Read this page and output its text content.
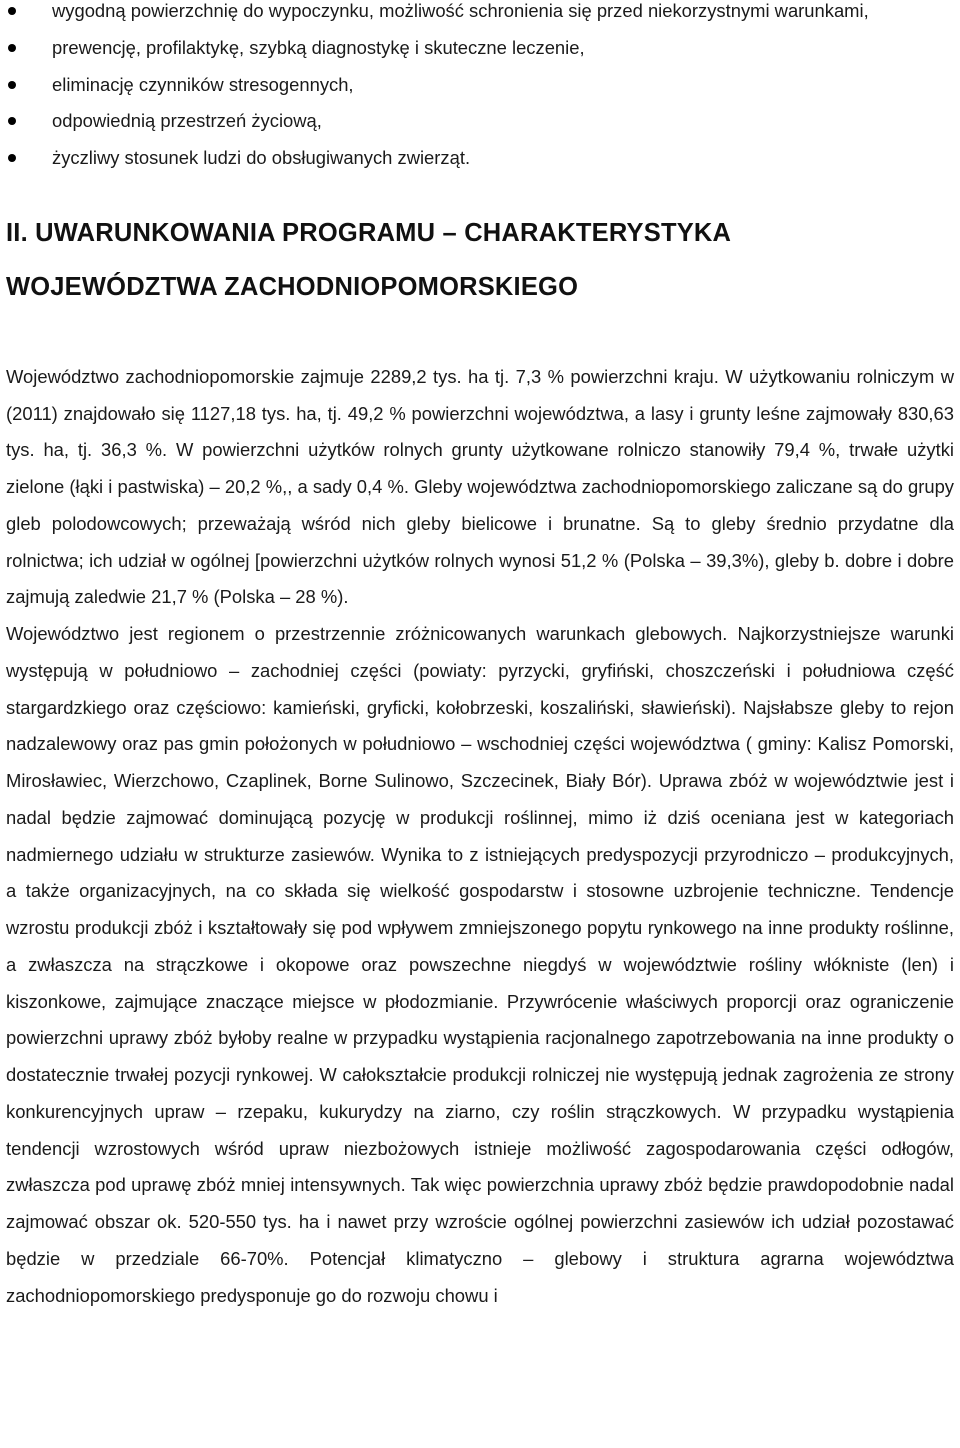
wygodną powierzchnię do wypoczynku, możliwość schronienia się przed niekorzystnymi warunkami,
prewencję, profilaktykę, szybką diagnostykę i skuteczne leczenie,
eliminację czynników stresogennych,
odpowiednią przestrzeń życiową,
życzliwy stosunek ludzi do obsługiwanych zwierząt.
II. UWARUNKOWANIA PROGRAMU – CHARAKTERYSTYKA
WOJEWÓDZTWA ZACHODNIOPOMORSKIEGO

Województwo zachodniopomorskie zajmuje 2289,2 tys. ha tj. 7,3 % powierzchni kraju. W użytkowaniu rolniczym w (2011) znajdowało się 1127,18 tys. ha, tj. 49,2 % powierzchni województwa, a lasy i grunty leśne zajmowały 830,63 tys. ha, tj. 36,3 %. W powierzchni użytków rolnych grunty użytkowane rolniczo stanowiły 79,4 %, trwałe użytki zielone (łąki i pastwiska) – 20,2 %,, a sady 0,4 %. Gleby województwa zachodniopomorskiego zaliczane są do grupy gleb polodowcowych; przeważają wśród nich gleby bielicowe i brunatne. Są to gleby średnio przydatne dla rolnictwa; ich udział w ogólnej [powierzchni użytków rolnych wynosi 51,2 % (Polska – 39,3%), gleby b. dobre i dobre zajmują zaledwie 21,7 % (Polska – 28 %).

Województwo jest regionem o przestrzennie zróżnicowanych warunkach glebowych. Najkorzystniejsze warunki występują w południowo – zachodniej części (powiaty: pyrzycki, gryfiński, choszczeński i południowa część stargardzkiego oraz częściowo: kamieński, gryficki, kołobrzeski, koszaliński, sławieński). Najsłabsze gleby to rejon nadzalewowy oraz pas gmin położonych w południowo – wschodniej części województwa ( gminy: Kalisz Pomorski, Mirosławiec, Wierzchowo, Czaplinek, Borne Sulinowo, Szczecinek, Biały Bór). Uprawa zbóż w województwie jest i nadal będzie zajmować dominującą pozycję w produkcji roślinnej, mimo iż dziś oceniana jest w kategoriach nadmiernego udziału w strukturze zasiewów. Wynika to z istniejących predyspozycji przyrodniczo – produkcyjnych, a także organizacyjnych, na co składa się wielkość gospodarstw i stosowne uzbrojenie techniczne. Tendencje wzrostu produkcji zbóż i kształtowały się pod wpływem zmniejszonego popytu rynkowego na inne produkty roślinne, a zwłaszcza na strączkowe i okopowe oraz powszechne niegdyś w województwie rośliny włókniste (len) i kiszonkowe, zajmujące znaczące miejsce w płodozmianie. Przywrócenie właściwych proporcji oraz ograniczenie powierzchni uprawy zbóż byłoby realne w przypadku wystąpienia racjonalnego zapotrzebowania na inne produkty o dostatecznie trwałej pozycji rynkowej. W całokształcie produkcji rolniczej nie występują jednak zagrożenia ze strony konkurencyjnych upraw – rzepaku, kukurydzy na ziarno, czy roślin strączkowych. W przypadku wystąpienia tendencji wzrostowych wśród upraw niezbożowych istnieje możliwość zagospodarowania części odłogów, zwłaszcza pod uprawę zbóż mniej intensywnych. Tak więc powierzchnia uprawy zbóż będzie prawdopodobnie nadal zajmować obszar ok. 520-550 tys. ha i nawet przy wzroście ogólnej powierzchni zasiewów ich udział pozostawać będzie w przedziale 66-70%. Potencjał klimatyczno – glebowy i struktura agrarna województwa zachodniopomorskiego predysponuje go do rozwoju chowu i
